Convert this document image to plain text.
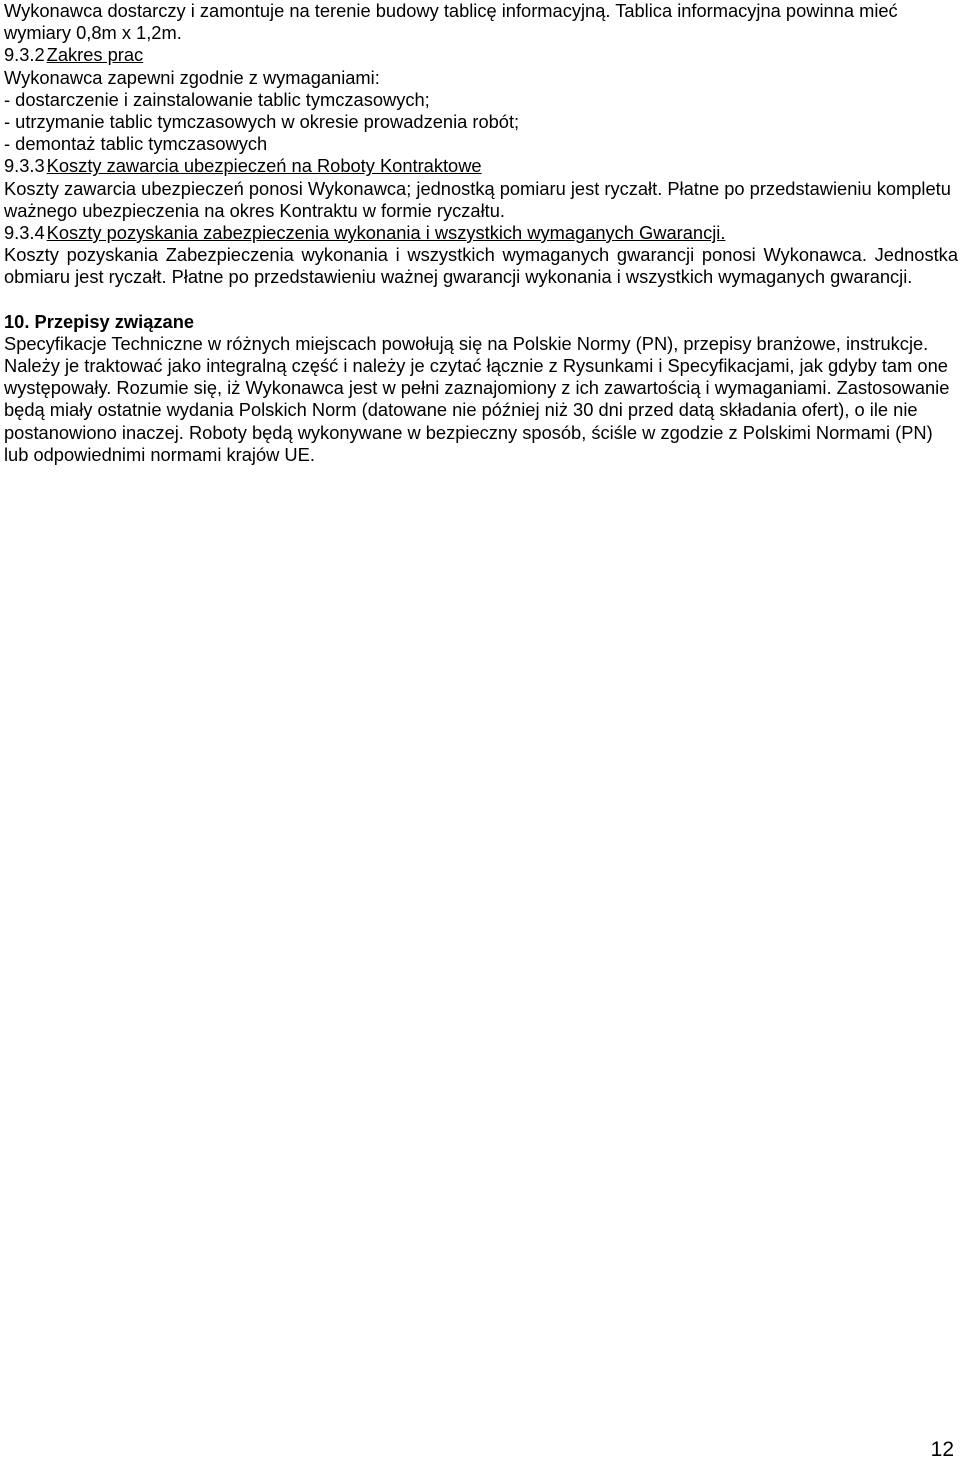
Wykonawca dostarczy i zamontuje na terenie budowy tablicę informacyjną. Tablica informacyjna powinna mieć wymiary 0,8m x 1,2m.

9.3.2 Zakres prac

Wykonawca zapewni zgodnie z wymaganiami:

- dostarczenie i zainstalowanie tablic tymczasowych;

- utrzymanie tablic tymczasowych w okresie prowadzenia robót;

- demontaż tablic tymczasowych

9.3.3 Koszty zawarcia ubezpieczeń na Roboty Kontraktowe

Koszty zawarcia ubezpieczeń ponosi Wykonawca; jednostką pomiaru jest ryczałt. Płatne po przedstawieniu kompletu ważnego ubezpieczenia na okres Kontraktu w formie ryczałtu.

9.3.4 Koszty pozyskania zabezpieczenia wykonania i wszystkich wymaganych Gwarancji.

Koszty pozyskania Zabezpieczenia wykonania i wszystkich wymaganych gwarancji ponosi Wykonawca. Jednostka obmiaru jest ryczałt. Płatne po przedstawieniu ważnej gwarancji wykonania i wszystkich wymaganych gwarancji.

10. Przepisy związane

Specyfikacje Techniczne w różnych miejscach powołują się na Polskie Normy (PN), przepisy branżowe, instrukcje. Należy je traktować jako integralną część i należy je czytać łącznie z Rysunkami i Specyfikacjami, jak gdyby tam one występowały. Rozumie się, iż Wykonawca jest w pełni zaznajomiony z ich zawartością i wymaganiami. Zastosowanie będą miały ostatnie wydania Polskich Norm (datowane nie później niż 30 dni przed datą składania ofert), o ile nie postanowiono inaczej. Roboty będą wykonywane w bezpieczny sposób, ściśle w zgodzie z Polskimi Normami (PN) lub odpowiednimi normami krajów UE.

12
